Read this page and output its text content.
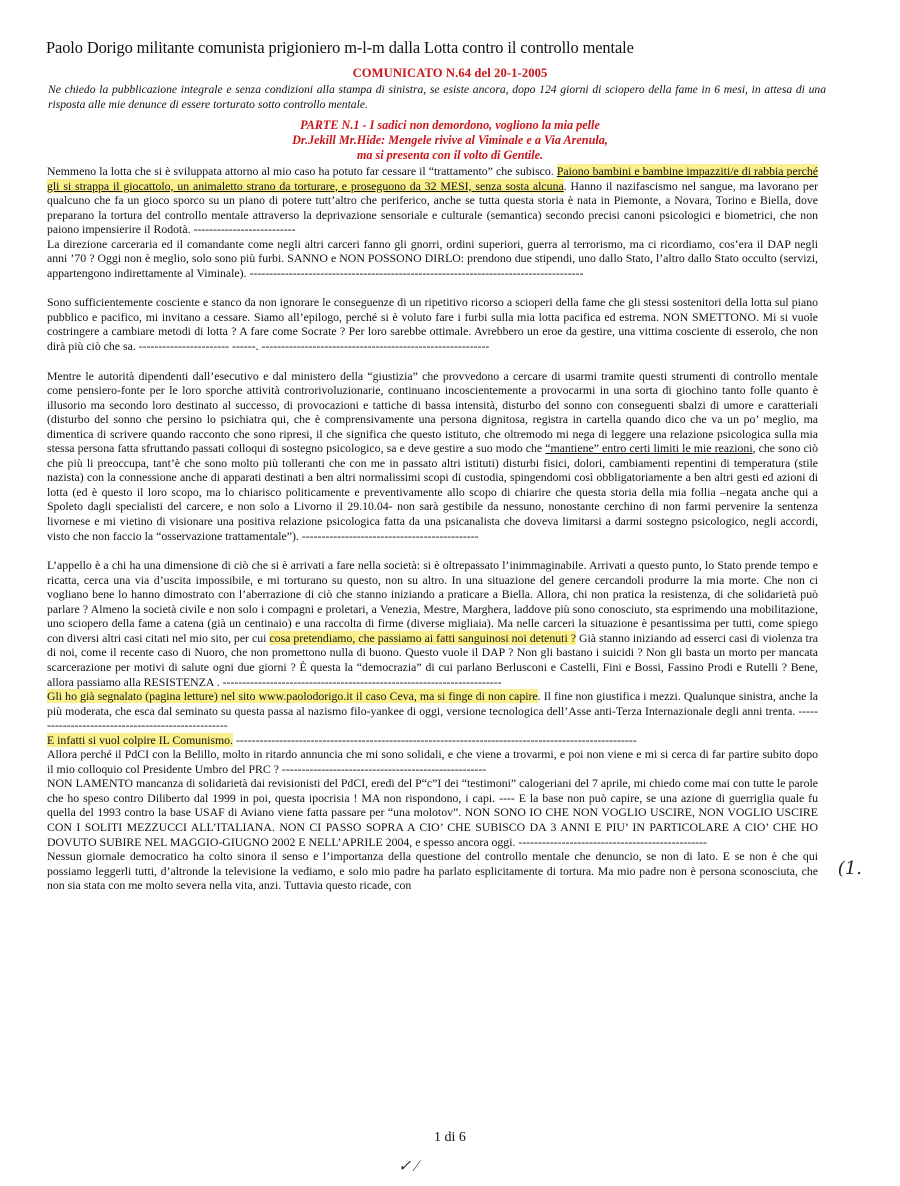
Paolo Dorigo militante comunista prigioniero m-l-m dalla Lotta contro il controllo mentale
COMUNICATO N.64 del 20-1-2005
Ne chiedo la pubblicazione integrale e senza condizioni alla stampa di sinistra, se esiste ancora, dopo 124 giorni di sciopero della fame in 6 mesi, in attesa di una risposta alle mie denunce di essere torturato sotto controllo mentale.
PARTE N.1 - I sadici non demordono, vogliono la mia pelle
Dr.Jekill Mr.Hide: Mengele rivive al Viminale e a Via Arenula,
ma si presenta con il volto di Gentile.

Nemmeno la lotta che si è sviluppata attorno al mio caso ha potuto far cessare il “trattamento” che subisco. Paiono bambini e bambine impazziti/e di rabbia perché gli si strappa il giocattolo, un animaletto strano da torturare, e proseguono da 32 MESI, senza sosta alcuna. Hanno il nazifascismo nel sangue, ma lavorano per qualcuno che fa un gioco sporco su un piano di potere tutt’altro che periferico, anche se tutta questa storia è nata in Piemonte, a Novara, Torino e Biella, dove preparano la tortura del controllo mentale attraverso la deprivazione sensoriale e culturale (semantica) secondo precisi canoni psicologici e biometrici, che non paiono impensierire il Rodotà. --------------------------

La direzione carceraria ed il comandante come negli altri carceri fanno gli gnorri, ordini superiori, guerra al terrorismo, ma ci ricordiamo, cos’era il DAP negli anni ’70 ? Oggi non è meglio, solo sono più furbi. SANNO e NON POSSONO DIRLO: prendono due stipendi, uno dallo Stato, l’altro dallo Stato occulto (servizi, appartengono indirettamente al Viminale). -------------------------------------------------------------------------------------

Sono sufficientemente cosciente e stanco da non ignorare le conseguenze di un ripetitivo ricorso a scioperi della fame che gli stessi sostenitori della lotta sul piano pubblico e pacifico, mi invitano a cessare. Siamo all’epilogo, perché si è voluto fare i furbi sulla mia lotta pacifica ed estrema. NON SMETTONO. Mi si vuole costringere a cambiare metodi di lotta ? A fare come Socrate ? Per loro sarebbe ottimale. Avrebbero un eroe da gestire, una vittima cosciente di esserolo, che non dirà più ciò che sa. ----------------------- ------. ----------------------------------------------------------

Mentre le autorità dipendenti dall’esecutivo e dal ministero della “giustizia” che provvedono a cercare di usarmi tramite questi strumenti di controllo mentale come pensiero-fonte per le loro sporche attività controrivoluzionarie, continuano incoscientemente a provocarmi in una sorta di giochino tanto folle quanto è illusorio ma secondo loro destinato al successo, di provocazioni e tattiche di bassa intensità, disturbo del sonno con conseguenti sbalzi di umore e caratteriali (disturbo del sonno che persino lo psichiatra qui, che è comprensivamente una persona dignitosa, registra in cartella quando dico che va un po’ meglio, ma dimentica di scrivere quando racconto che sono ripresi, il che significa che questo istituto, che oltremodo mi nega di leggere una relazione psicologica sulla mia stessa persona fatta sfruttando passati colloqui di sostegno psicologico, sa e deve gestire a suo modo che “mantiene” entro certi limiti le mie reazioni, che sono ciò che più li preoccupa, tant’è che sono molto più tolleranti che con me in passato altri istituti) disturbi fisici, dolori, cambiamenti repentini di temperatura (stile nazista) con la connessione anche di apparati destinati a ben altri normalissimi scopi di custodia, spingendomi così obbligatoriamente a ben altri gesti ed azioni di lotta (ed è questo il loro scopo, ma lo chiarisco politicamente e preventivamente allo scopo di chiarire che questa storia della mia follia –negata anche qui a Spoleto dagli specialisti del carcere, e non solo a Livorno il 29.10.04- non sarà gestibile da nessuno, nonostante cerchino di non farmi pervenire la sentenza livornese e mi vietino di visionare una positiva relazione psicologica fatta da una psicanalista che doveva limitarsi a darmi sostegno psicologico, negli accordi, visto che non faccio la “osservazione trattamentale”). ---------------------------------------------

L’appello è a chi ha una dimensione di ciò che si è arrivati a fare nella società: si è oltrepassato l’inimmaginabile. Arrivati a questo punto, lo Stato prende tempo e ricatta, cerca una via d’uscita impossibile, e mi torturano su questo, non su altro. In una situazione del genere cercandoli produrre la mia morte. Che non ci vogliano bene lo hanno dimostrato con l’aberrazione di ciò che stanno iniziando a praticare a Biella. Allora, chi non pratica la resistenza, di che solidarietà può parlare ? Almeno la società civile e non solo i compagni e proletari, a Venezia, Mestre, Marghera, laddove più sono conosciuto, sta esprimendo una mobilitazione, uno sciopero della fame a catena (già un centinaio) e una raccolta di firme (diverse migliaia). Ma nelle carceri la situazione è pesantissima per tutti, come spiego con diversi altri casi citati nel mio sito, per cui cosa pretendiamo, che passiamo ai fatti sanguinosi noi detenuti ? Già stanno iniziando ad esserci casi di violenza tra di noi, come il recente caso di Nuoro, che non promettono nulla di buono. Questo vuole il DAP ? Non gli bastano i suicidi ? Non gli basta un morto per mancata scarcerazione per motivi di salute ogni due giorni ? È questa la “democrazia” di cui parlano Berlusconi e Castelli, Fini e Bossi, Fassino Prodi e Rutelli ? Bene, allora passiamo alla RESISTENZA . -----------------------------------------------------------------------

Gli ho già segnalato (pagina letture) nel sito www.paolodorigo.it il caso Ceva, ma si finge di non capire. Il fine non giustifica i mezzi. Qualunque sinistra, anche la più moderata, che esca dal seminato su questa passa al nazismo filo-yankee di oggi, versione tecnologica dell’Asse anti-Terza Internazionale degli anni trenta. ---------------------------------------------------

E infatti si vuol colpire IL Comunismo. ------------------------------------------------------------------------------------------------------

Allora perché il PdCI con la Belillo, molto in ritardo annuncia che mi sono solidali, e che viene a trovarmi, e poi non viene e mi si cerca di far partire subito dopo il mio colloquio col Presidente Umbro del PRC ? ----------------------------------------------------

NON LAMENTO mancanza di solidarietà dai revisionisti del PdCI, eredi del P“c”I dei “testimoni” calogeriani del 7 aprile, mi chiedo come mai con tutte le parole che ho speso contro Diliberto dal 1999 in poi, questa ipocrisia ! MA non rispondono, i capi. ---- E la base non può capire, se una azione di guerriglia quale fu quella del 1993 contro la base USAF di Aviano viene fatta passare per “una molotov”. NON SONO IO CHE NON VOGLIO USCIRE, NON VOGLIO USCIRE CON I SOLITI MEZZUCCI ALL’ITALIANA. NON CI PASSO SOPRA A CIO’ CHE SUBISCO DA 3 ANNI E PIU’ IN PARTICOLARE A CIO’ CHE HO DOVUTO SUBIRE NEL MAGGIO-GIUGNO 2002 E NELL’APRILE 2004, e spesso ancora oggi. ------------------------------------------------

Nessun giornale democratico ha colto sinora il senso e l’importanza della questione del controllo mentale che denuncio, se non di lato. E se non è che qui possiamo leggerli tutti, d’altronde la televisione la vediamo, e solo mio padre ha parlato esplicitamente di tortura. Ma mio padre non è persona sconosciuta, che non sia stata con me molto severa nella vita, anzi. Tuttavia questo ricade, con

(1.
1 di 6
✓ ⁄
